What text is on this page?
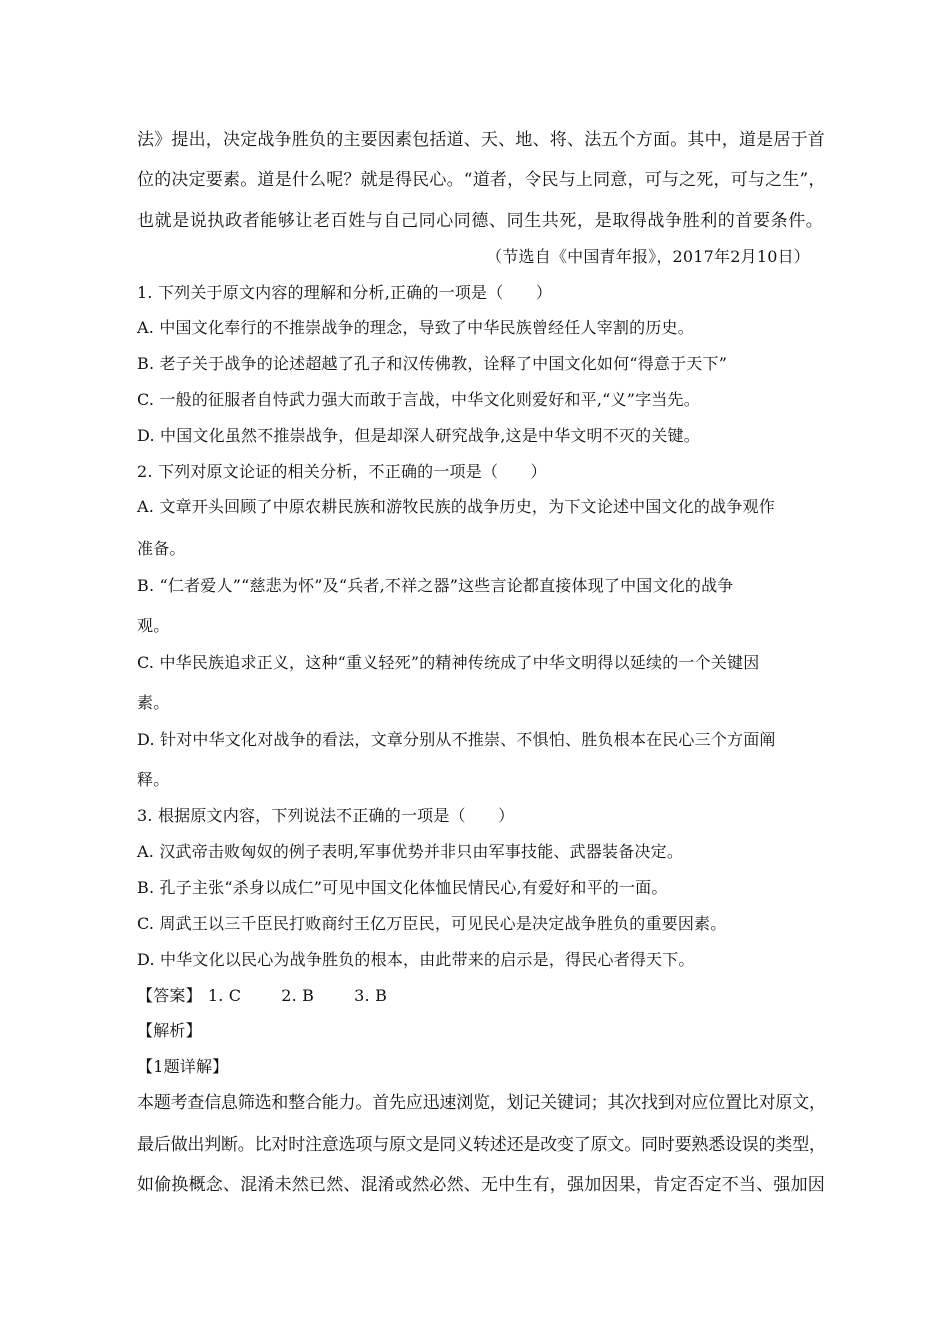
法》提出，决定战争胜负的主要因素包括道、天、地、将、法五个方面。其中，道是居于首
位的决定要素。道是什么呢？就是得民心。“道者，令民与上同意，可与之死，可与之生”，
也就是说执政者能够让老百姓与自己同心同德、同生共死，是取得战争胜利的首要条件。
（节选自《中国青年报》，2017年2月10日）
1. 下列关于原文内容的理解和分析,正确的一项是（　　）
A. 中国文化奉行的不推崇战争的理念，导致了中华民族曾经任人宰割的历史。
B. 老子关于战争的论述超越了孔子和汉传佛教，诠释了中国文化如何“得意于天下”
C. 一般的征服者自恃武力强大而敢于言战，中华文化则爱好和平,“义”字当先。
D. 中国文化虽然不推崇战争，但是却深人研究战争,这是中华文明不灭的关键。
2. 下列对原文论证的相关分析，不正确的一项是（　　）
A. 文章开头回顾了中原农耕民族和游牧民族的战争历史，为下文论述中国文化的战争观作
准备。
B. “仁者爱人”“慈悲为怀”及“兵者,不祥之器”这些言论都直接体现了中国文化的战争
观。
C. 中华民族追求正义，这种“重义轻死”的精神传统成了中华文明得以延续的一个关键因
素。
D. 针对中华文化对战争的看法，文章分别从不推崇、不惧怕、胜负根本在民心三个方面阐
释。
3. 根据原文内容，下列说法不正确的一项是（　　）
A. 汉武帝击败匈奴的例子表明,军事优势并非只由军事技能、武器装备决定。
B. 孔子主张“杀身以成仁”可见中国文化体恤民情民心,有爱好和平的一面。
C. 周武王以三千臣民打败商纣王亿万臣民，可见民心是决定战争胜负的重要因素。
D. 中华文化以民心为战争胜负的根本，由此带来的启示是，得民心者得天下。
【答案】 1. C	2. B	3. B
【解析】
【1题详解】
本题考查信息筛选和整合能力。首先应迅速浏览，划记关键词；其次找到对应位置比对原文，
最后做出判断。比对时注意选项与原文是同义转述还是改变了原文。同时要熟悉设误的类型，
如偷换概念、混淆未然已然、混淆或然必然、无中生有，强加因果，肯定否定不当、强加因
